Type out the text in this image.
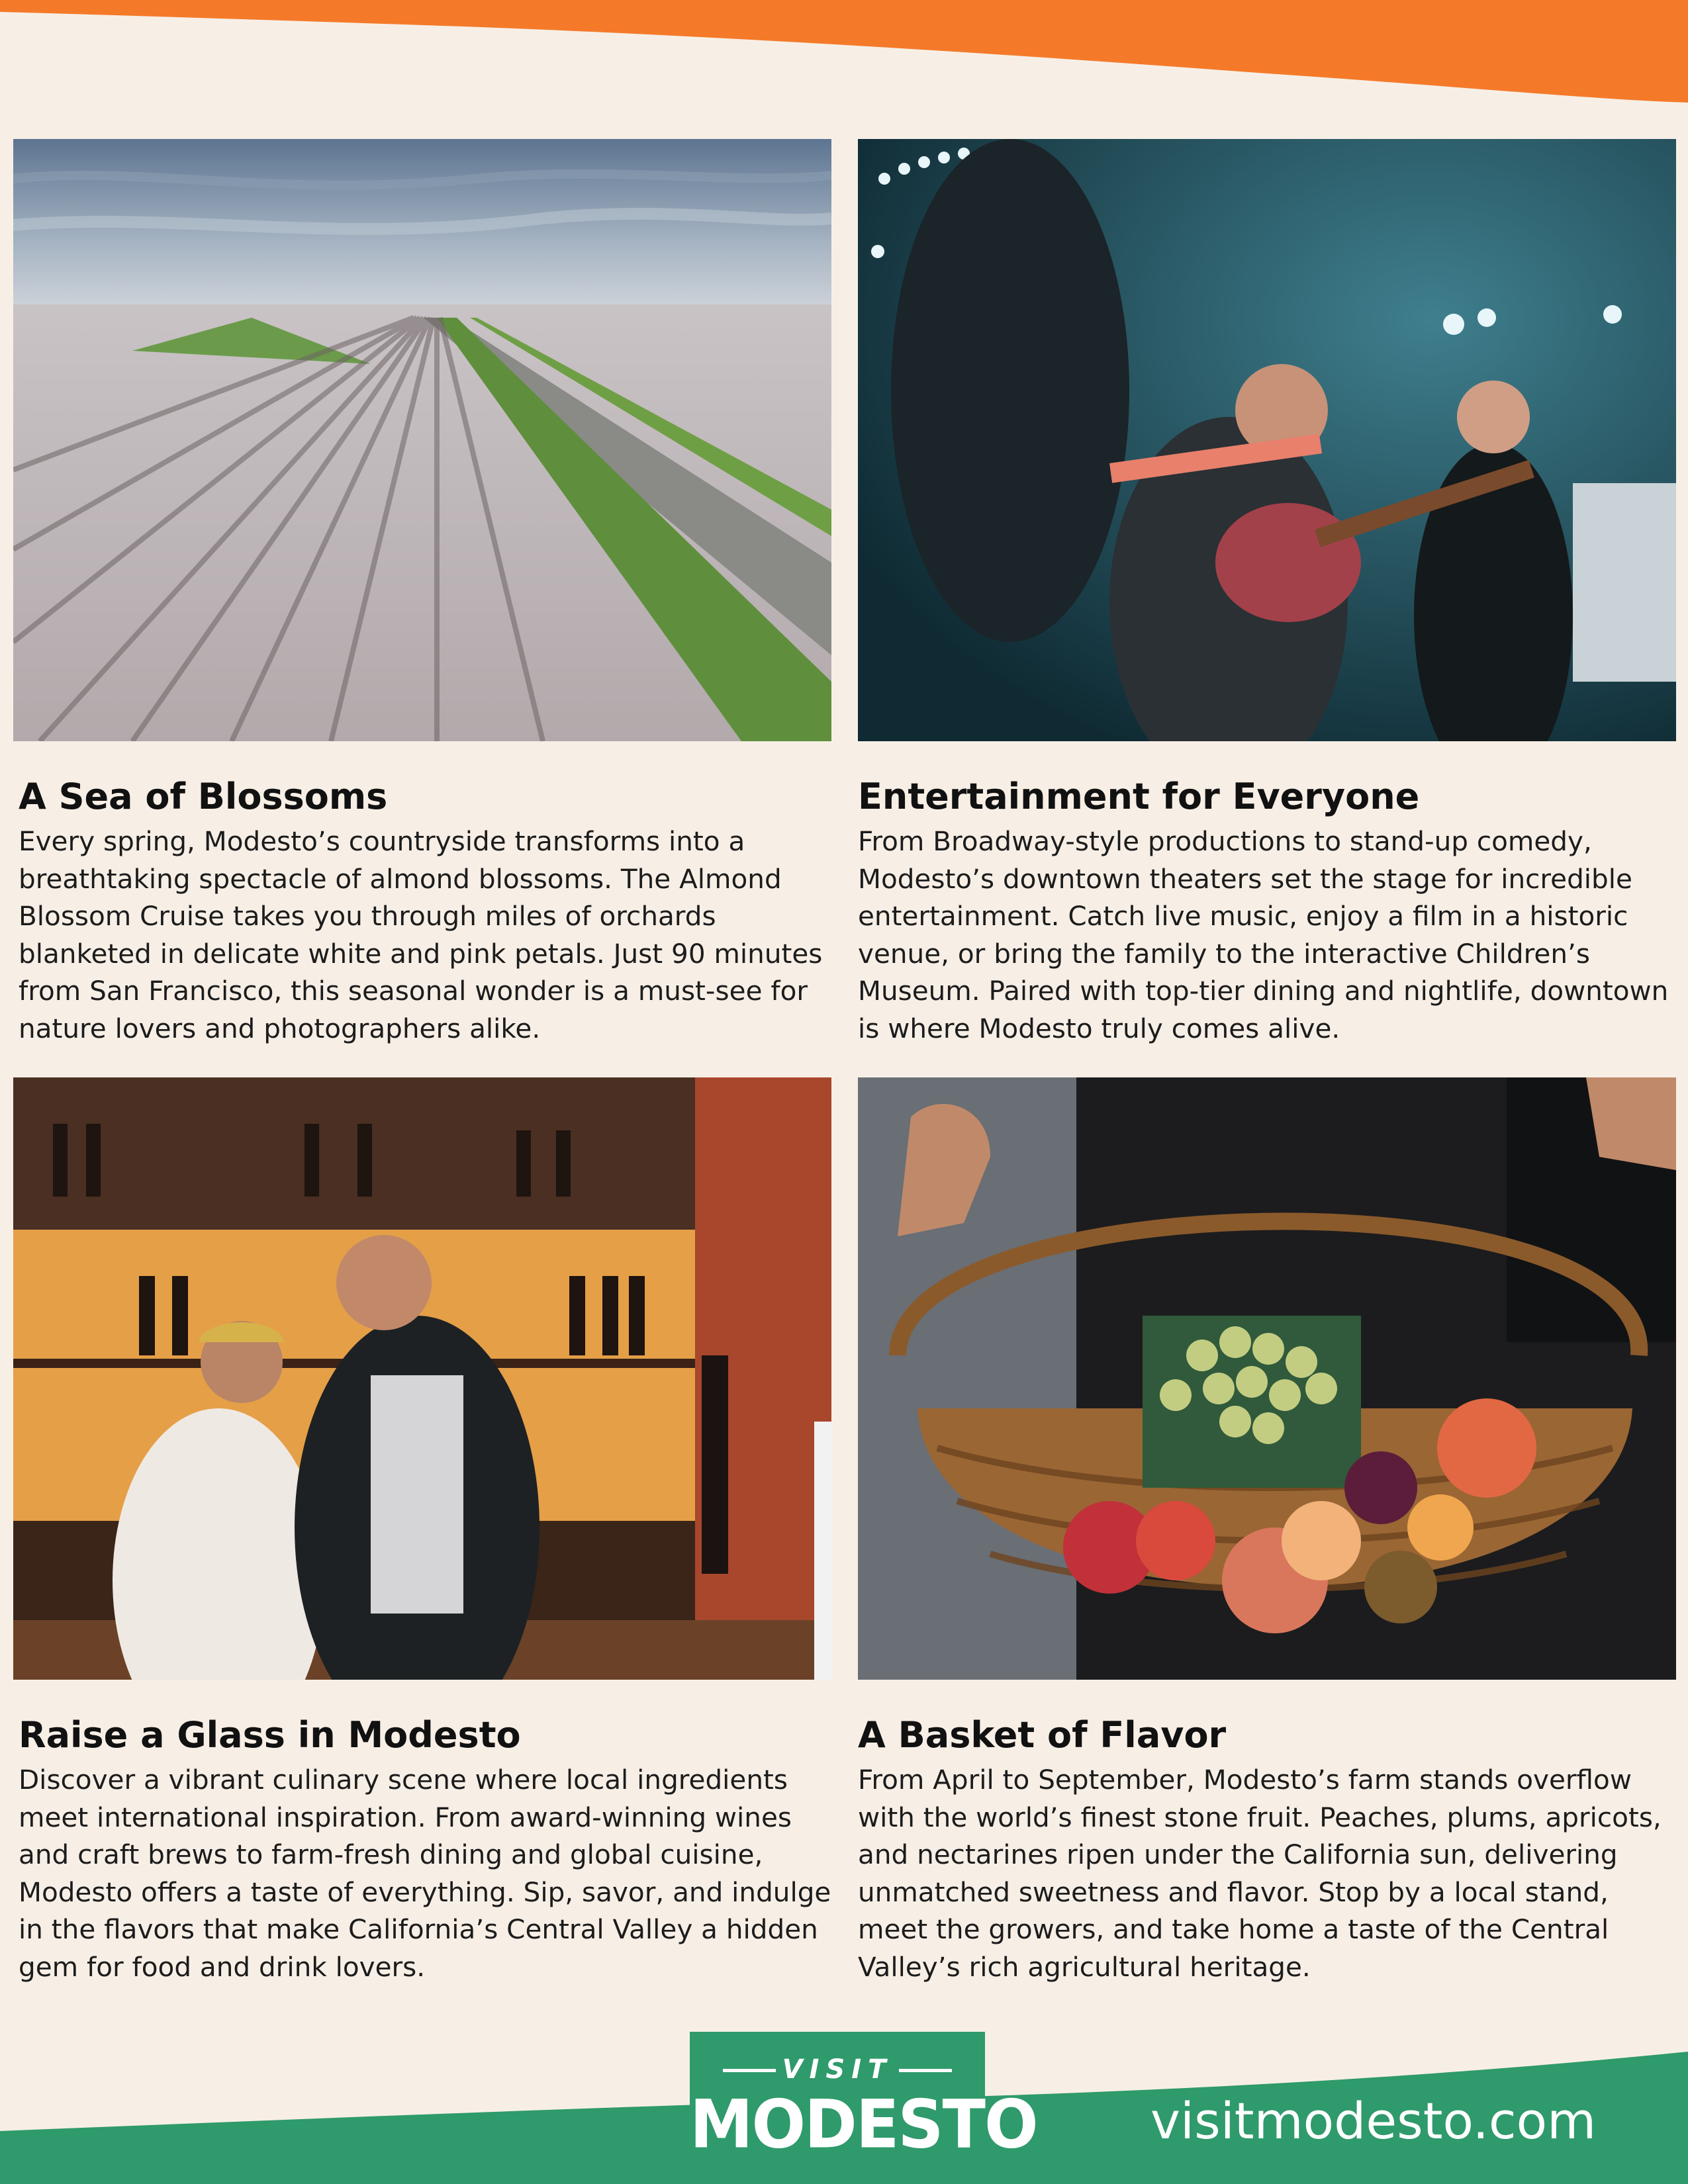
A Sea of Blossoms
Every spring, Modesto’s countryside transforms into a
breathtaking spectacle of almond blossoms. The Almond
Blossom Cruise takes you through miles of orchards
blanketed in delicate white and pink petals. Just 90 minutes
from San Francisco, this seasonal wonder is a must-see for
nature lovers and photographers alike.
Entertainment for Everyone
From Broadway-style productions to stand-up comedy,
Modesto’s downtown theaters set the stage for incredible
entertainment. Catch live music, enjoy a film in a historic
venue, or bring the family to the interactive Children’s
Museum. Paired with top-tier dining and nightlife, downtown
is where Modesto truly comes alive.
Raise a Glass in Modesto
Discover a vibrant culinary scene where local ingredients
meet international inspiration. From award-winning wines
and craft brews to farm-fresh dining and global cuisine,
Modesto offers a taste of everything. Sip, savor, and indulge
in the flavors that make California’s Central Valley a hidden
gem for food and drink lovers.
A Basket of Flavor
From April to September, Modesto’s farm stands overflow
with the world’s finest stone fruit. Peaches, plums, apricots,
and nectarines ripen under the California sun, delivering
unmatched sweetness and flavor. Stop by a local stand,
meet the growers, and take home a taste of the Central
Valley’s rich agricultural heritage.
VISIT
MODESTO visitmodesto.com
